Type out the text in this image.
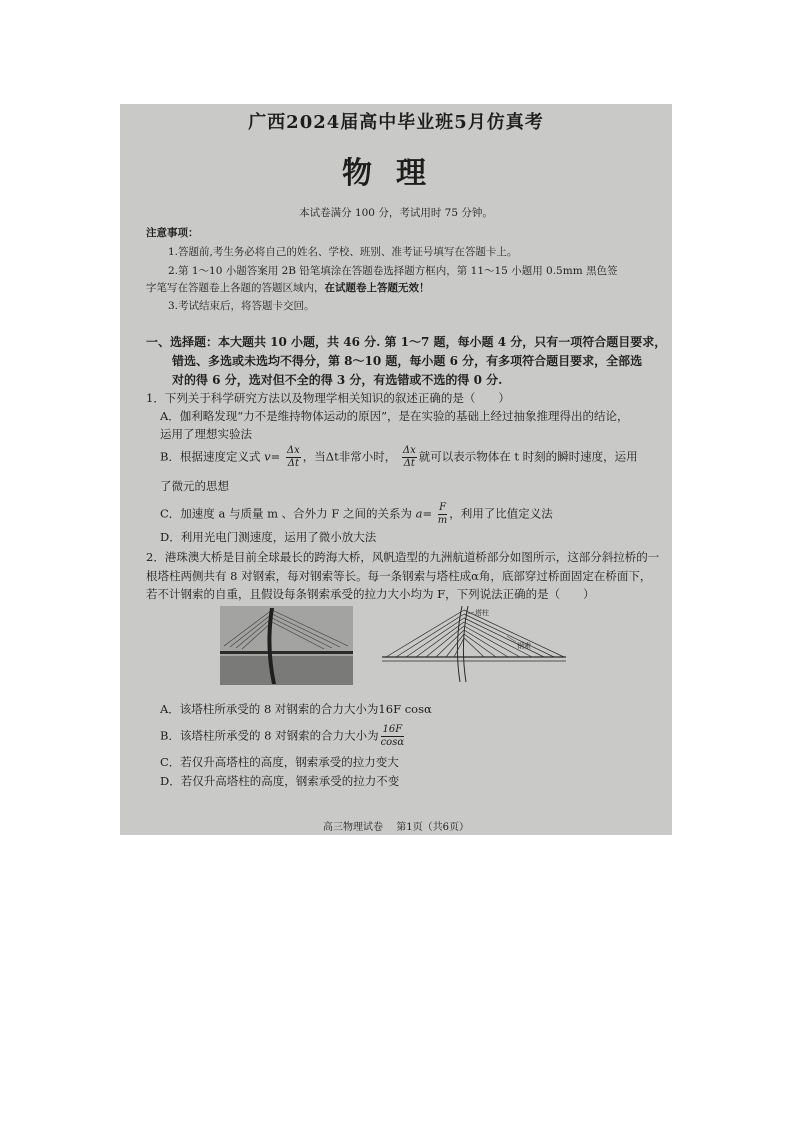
广西2024届高中毕业班5月仿真考
物理
本试卷满分 100 分，考试用时 75 分钟。
注意事项：
1.答题前,考生务必将自己的姓名、学校、班别、准考证号填写在答题卡上。
2.第 1～10 小题答案用 2B 铅笔填涂在答题卷选择题方框内，第 11～15 小题用 0.5mm 黑色签
字笔写在答题卷上各题的答题区域内，在试题卷上答题无效！
3.考试结束后，将答题卡交回。
一、选择题：本大题共 10 小题，共 46 分. 第 1～7 题，每小题 4 分，只有一项符合题目要求，
错选、多选或未选均不得分，第 8～10 题，每小题 6 分，有多项符合题目要求，全部选
对的得 6 分，选对但不全的得 3 分，有选错或不选的得 0 分.
1．下列关于科学研究方法以及物理学相关知识的叙述正确的是（　　）
A．伽利略发现“力不是维持物体运动的原因”，是在实验的基础上经过抽象推理得出的结论，
运用了理想实验法
B．根据速度定义式 $v= \frac{\Delta x}{\Delta t}$ ，当Δt非常小时， $\frac{\Delta x}{\Delta t}$ 就可以表示物体在 t 时刻的瞬时速度，运用
了微元的思想
C．加速度 a 与质量 m 、合外力 F 之间的关系为 $a= \frac{F}{m}$ ，利用了比值定义法
D．利用光电门测速度，运用了微小放大法
2．港珠澳大桥是目前全球最长的跨海大桥，风帆造型的九洲航道桥部分如图所示，这部分斜拉桥的一
根塔柱两侧共有 8 对钢索，每对钢索等长。每一条钢索与塔柱成α角，底部穿过桥面固定在桥面下，
若不计钢索的自重，且假设每条钢索承受的拉力大小均为 F，下列说法正确的是（　　）
塔柱
钢索
A．该塔柱所承受的 8 对钢索的合力大小为16F cosα
B．该塔柱所承受的 8 对钢索的合力大小为 $\frac{16F}{\cos\alpha}$
C．若仅升高塔柱的高度，钢索承受的拉力变大
D．若仅升高塔柱的高度，钢索承受的拉力不变
高三物理试卷　 第1页（共6页）
